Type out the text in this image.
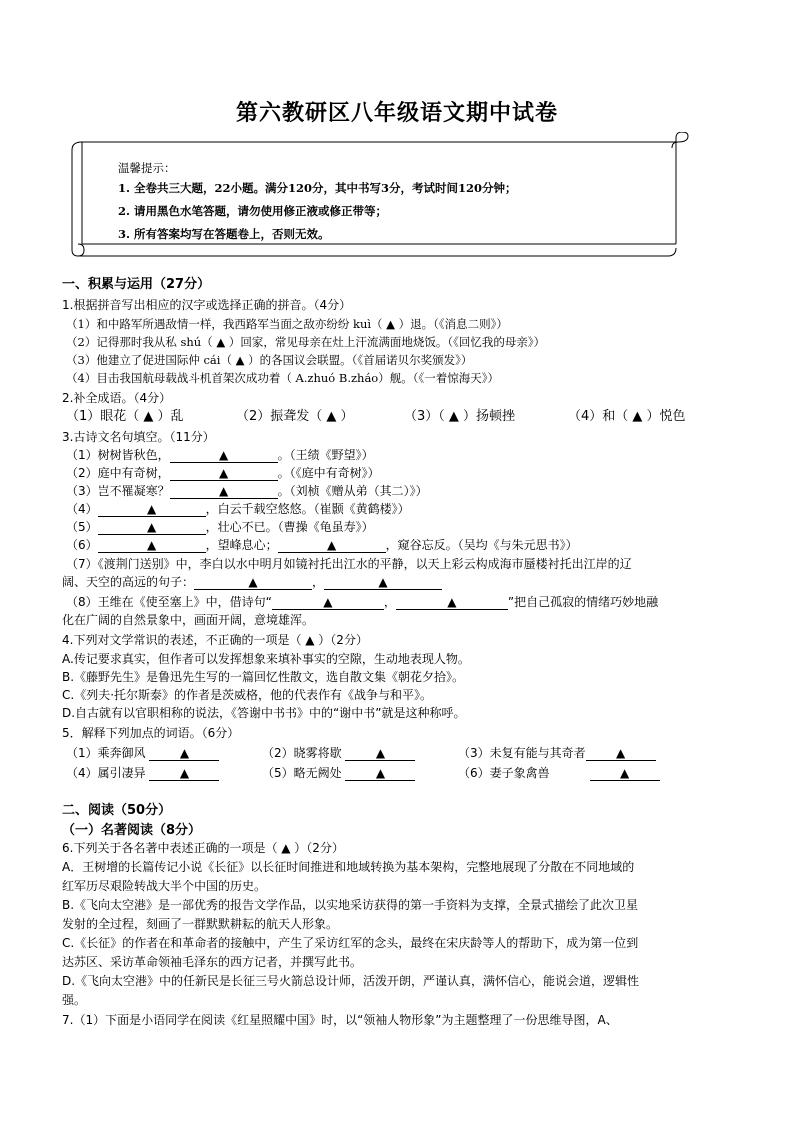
第六教研区八年级语文期中试卷
温馨提示：
1. 全卷共三大题，22小题。满分120分，其中书写3分，考试时间120分钟；
2. 请用黑色水笔答题，请勿使用修正液或修正带等；
3. 所有答案均写在答题卷上，否则无效。
一、积累与运用（27分）
1.根据拼音写出相应的汉字或选择正确的拼音。（4分）
（1）和中路军所遇敌情一样，我西路军当面之敌亦纷纷 kuì（ ▲ ）退。（《消息二则》）
（2）记得那时我从私 shú（ ▲ ）回家，常见母亲在灶上汗流满面地烧饭。（《回忆我的母亲》）
（3）他建立了促进国际仲 cái（ ▲ ）的各国议会联盟。（《首届诺贝尔奖颁发》）
（4）目击我国航母载战斗机首架次成功着（ A.zhuó B.zháo）舰。（《一着惊海天》）
2.补全成语。（4分）
（1）眼花（ ▲ ）乱	（2）振聋发（ ▲ ）	（3）（ ▲ ）扬顿挫	（4）和（ ▲ ）悦色
3.古诗文名句填空。（11分）
（1）树树皆秋色，	▲	。（王绩《野望》）
（2）庭中有奇树，	▲	。（《庭中有奇树》）
（3）岂不罹凝寒？	▲	。（刘桢《赠从弟（其二）》）
（4）	▲	，白云千载空悠悠。（崔颢《黄鹤楼》）
（5）	▲	，壮心不已。（曹操《龟虽寿》）
（6）	▲	，望峰息心；	▲	，窥谷忘反。（吴均《与朱元思书》）
（7）《渡荆门送别》中，李白以水中明月如镜衬托出江水的平静，以天上彩云构成海市蜃楼衬托出江岸的辽
阔、天空的高远的句子：	▲	，	▲
（8）王维在《使至塞上》中，借诗句“	▲	，	▲	”把自己孤寂的情绪巧妙地融
化在广阔的自然景象中，画面开阔，意境雄浑。
4.下列对文学常识的表述，不正确的一项是（ ▲ ）（2分）
A.传记要求真实，但作者可以发挥想象来填补事实的空隙，生动地表现人物。
B.《藤野先生》是鲁迅先生写的一篇回忆性散文，选自散文集《朝花夕拾》。
C.《列夫·托尔斯泰》的作者是茨威格，他的代表作有《战争与和平》。
D.自古就有以官职相称的说法，《答谢中书书》中的“谢中书”就是这种称呼。
5．解释下列加点的词语。（6分）
（1）乘奔御风	▲	（2）晓雾将歇	▲	（3）未复有能与其奇者	▲
（4）属引凄异	▲	（5）略无阙处	▲	（6）妻子象禽兽	▲
二、阅读（50分）
（一）名著阅读（8分）
6.下列关于各名著中表述正确的一项是（ ▲ ）（2分）
A．王树增的长篇传记小说《长征》以长征时间推进和地域转换为基本架构，完整地展现了分散在不同地域的
红军历尽艰险转战大半个中国的历史。
B.《飞向太空港》是一部优秀的报告文学作品，以实地采访获得的第一手资料为支撑，全景式描绘了此次卫星
发射的全过程，刻画了一群默默耕耘的航天人形象。
C.《长征》的作者在和革命者的接触中，产生了采访红军的念头，最终在宋庆龄等人的帮助下，成为第一位到
达苏区、采访革命领袖毛泽东的西方记者，并撰写此书。
D.《飞向太空港》中的任新民是长征三号火箭总设计师，活泼开朗，严谨认真，满怀信心，能说会道，逻辑性
强。
7.（1）下面是小语同学在阅读《红星照耀中国》时，以“领袖人物形象”为主题整理了一份思维导图，A、
